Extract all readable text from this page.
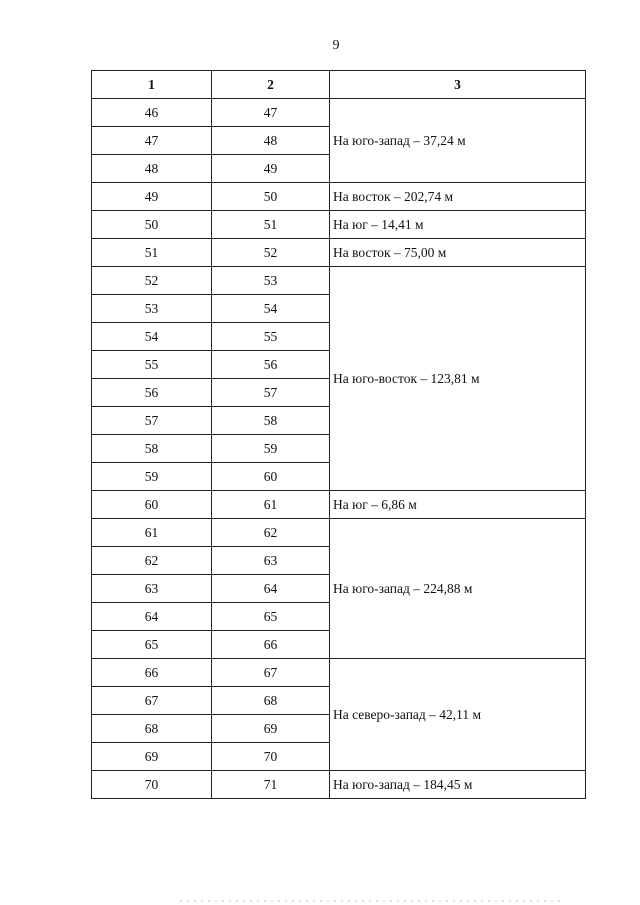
9
1	2	3
46	47	На юго-запад – 37,24 м
47	48	
48	49	
49	50	На восток – 202,74 м
50	51	На юг – 14,41 м
51	52	На восток – 75,00 м
52	53	На юго-восток – 123,81 м
53	54	
54	55	
55	56	
56	57	
57	58	
58	59	
59	60	
60	61	На юг – 6,86 м
61	62	На юго-запад – 224,88 м
62	63	
63	64	
64	65	
65	66	
66	67	На северо-запад – 42,11 м
67	68	
68	69	
69	70	
70	71	На юго-запад – 184,45 м
